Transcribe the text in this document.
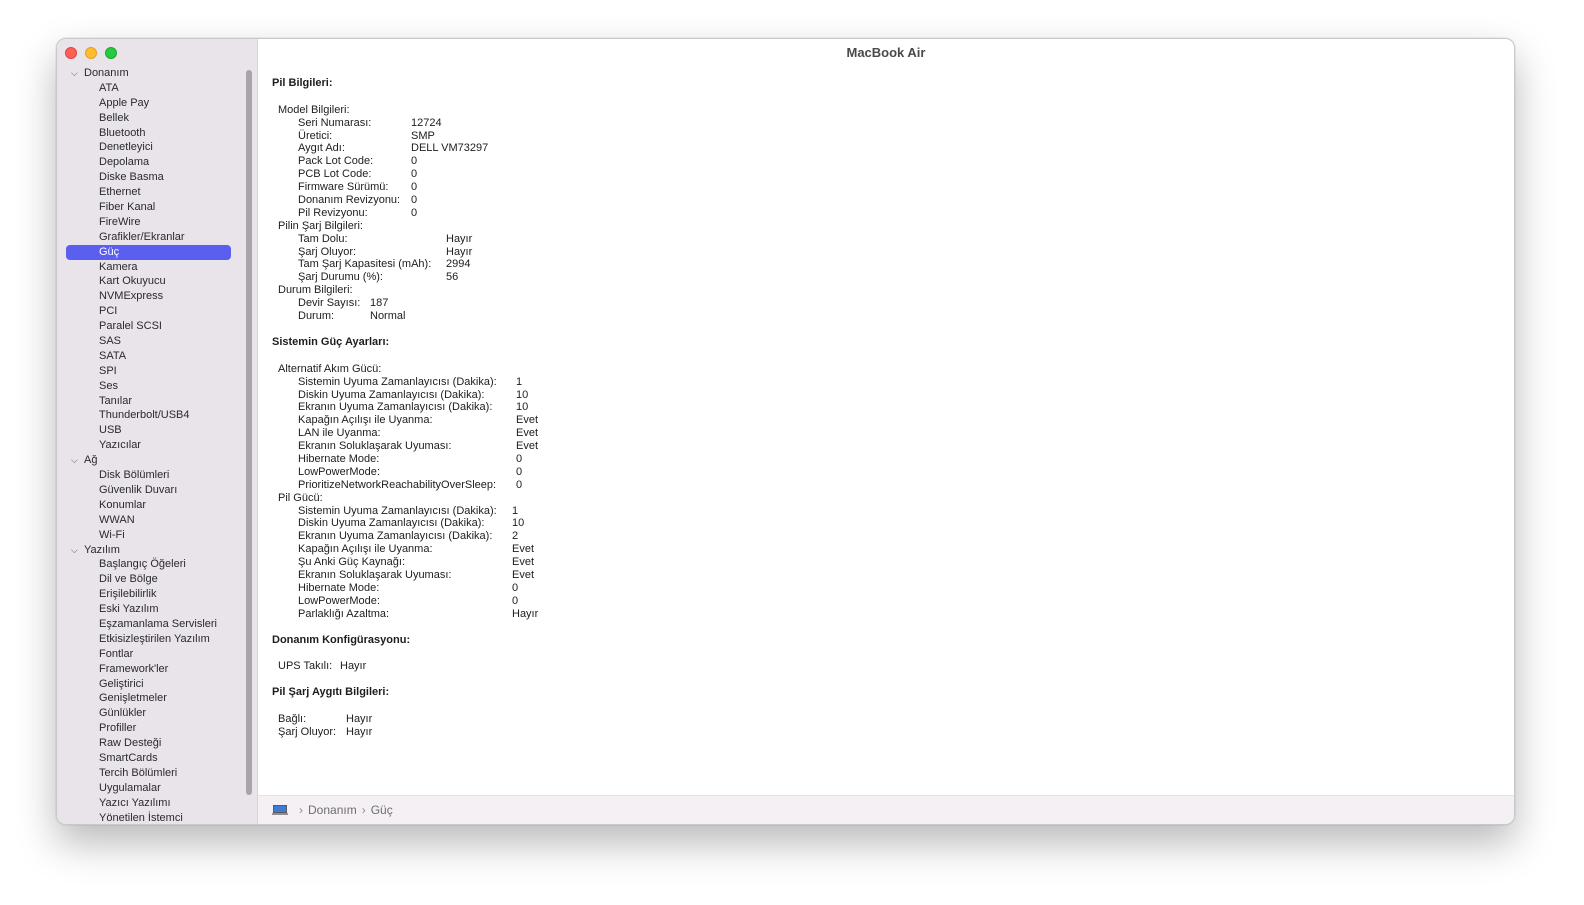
⌵ Donanım
ATA
Apple Pay
Bellek
Bluetooth
Denetleyici
Depolama
Diske Basma
Ethernet
Fiber Kanal
FireWire
Grafikler/Ekranlar
Güç
Kamera
Kart Okuyucu
NVMExpress
PCI
Paralel SCSI
SAS
SATA
SPI
Ses
Tanılar
Thunderbolt/USB4
USB
Yazıcılar
⌵ Ağ
Disk Bölümleri
Güvenlik Duvarı
Konumlar
WWAN
Wi-Fi
⌵ Yazılım
Başlangıç Öğeleri
Dil ve Bölge
Erişilebilirlik
Eski Yazılım
Eşzamanlama Servisleri
Etkisizleştirilen Yazılım
Fontlar
Framework'ler
Geliştirici
Genişletmeler
Günlükler
Profiller
Raw Desteği
SmartCards
Tercih Bölümleri
Uygulamalar
Yazıcı Yazılımı
Yönetilen İstemci
MacBook Air
Pil Bilgileri:
Model Bilgileri:
Seri Numarası:	12724
Üretici:	SMP
Aygıt Adı:	DELL VM73297
Pack Lot Code:	0
PCB Lot Code:	0
Firmware Sürümü:	0
Donanım Revizyonu: 0
Pil Revizyonu:	0
Pilin Şarj Bilgileri:
Tam Dolu:	Hayır
Şarj Oluyor:	Hayır
Tam Şarj Kapasitesi (mAh):	2994
Şarj Durumu (%):	56
Durum Bilgileri:
Devir Sayısı: 187
Durum:	Normal
Sistemin Güç Ayarları:
Alternatif Akım Gücü:
Sistemin Uyuma Zamanlayıcısı (Dakika):	1
Diskin Uyuma Zamanlayıcısı (Dakika):	10
Ekranın Uyuma Zamanlayıcısı (Dakika):	10
Kapağın Açılışı ile Uyanma:	Evet
LAN ile Uyanma:	Evet
Ekranın Soluklaşarak Uyuması:	Evet
Hibernate Mode:	0
LowPowerMode:	0
PrioritizeNetworkReachabilityOverSleep:	0
Pil Gücü:
Sistemin Uyuma Zamanlayıcısı (Dakika):	1
Diskin Uyuma Zamanlayıcısı (Dakika):	10
Ekranın Uyuma Zamanlayıcısı (Dakika):	2
Kapağın Açılışı ile Uyanma:	Evet
Şu Anki Güç Kaynağı:	Evet
Ekranın Soluklaşarak Uyuması:	Evet
Hibernate Mode:	0
LowPowerMode:	0
Parlaklığı Azaltma:	Hayır
Donanım Konfigürasyonu:
UPS Takılı: Hayır
Pil Şarj Aygıtı Bilgileri:
Bağlı:	Hayır
Şarj Oluyor: Hayır
› Donanım › Güç
